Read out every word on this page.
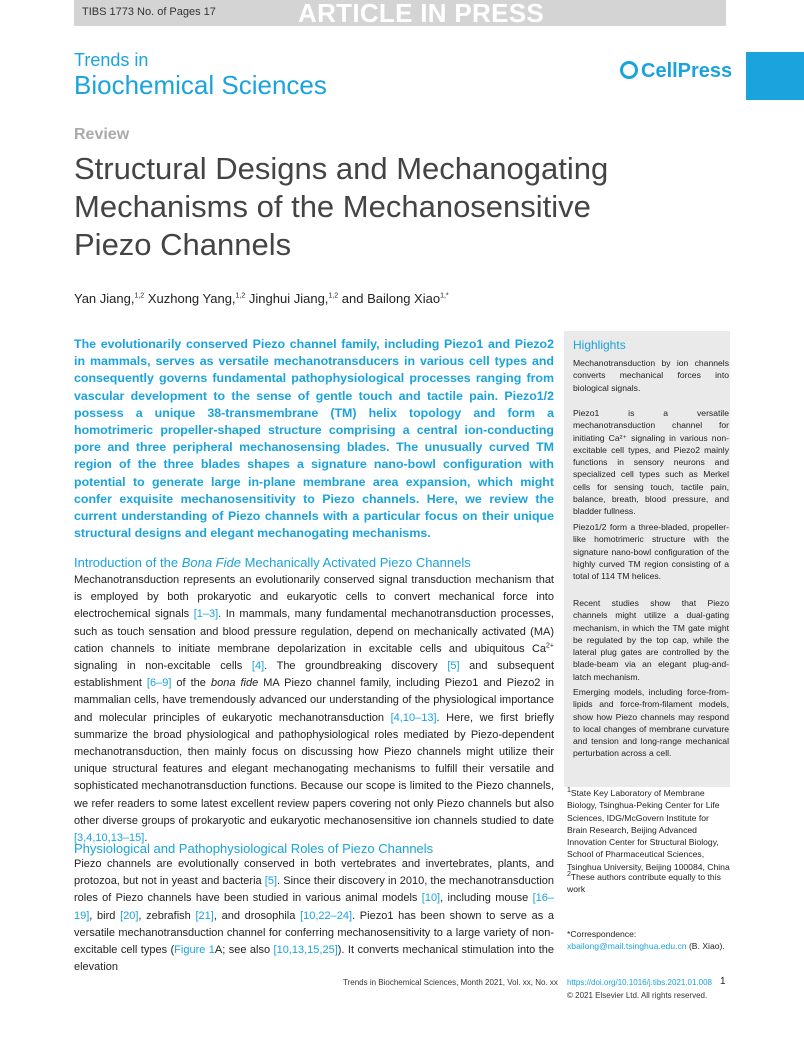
TIBS 1773 No. of Pages 17	ARTICLE IN PRESS
Trends in
Biochemical Sciences	CellPress
Review
Structural Designs and Mechanogating Mechanisms of the Mechanosensitive Piezo Channels
Yan Jiang,$^{1,2}$ Xuzhong Yang,$^{1,2}$ Jinghui Jiang,$^{1,2}$ and Bailong Xiao$^{1,*}$
The evolutionarily conserved Piezo channel family, including Piezo1 and Piezo2 in mammals, serves as versatile mechanotransducers in various cell types and consequently governs fundamental pathophysiological processes ranging from vascular development to the sense of gentle touch and tactile pain. Piezo1/2 possess a unique 38-transmembrane (TM) helix topology and form a homotrimeric propeller-shaped structure comprising a central ion-conducting pore and three peripheral mechanosensing blades. The unusually curved TM region of the three blades shapes a signature nano-bowl configuration with potential to generate large in-plane membrane area expansion, which might confer exquisite mechanosensitivity to Piezo channels. Here, we review the current understanding of Piezo channels with a particular focus on their unique structural designs and elegant mechanogating mechanisms.
Introduction of the Bona Fide Mechanically Activated Piezo Channels
Mechanotransduction represents an evolutionarily conserved signal transduction mechanism that is employed by both prokaryotic and eukaryotic cells to convert mechanical force into electrochemical signals [1–3]. In mammals, many fundamental mechanotransduction processes, such as touch sensation and blood pressure regulation, depend on mechanically activated (MA) cation channels to initiate membrane depolarization in excitable cells and ubiquitous $Ca^{2+}$ signaling in non-excitable cells [4]. The groundbreaking discovery [5] and subsequent establishment [6–9] of the bona fide MA Piezo channel family, including Piezo1 and Piezo2 in mammalian cells, have tremendously advanced our understanding of the physiological importance and molecular principles of eukaryotic mechanotransduction [4,10–13]. Here, we first briefly summarize the broad physiological and pathophysiological roles mediated by Piezo-dependent mechanotransduction, then mainly focus on discussing how Piezo channels might utilize their unique structural features and elegant mechanogating mechanisms to fulfill their versatile and sophisticated mechanotransduction functions. Because our scope is limited to the Piezo channels, we refer readers to some latest excellent review papers covering not only Piezo channels but also other diverse groups of prokaryotic and eukaryotic mechanosensitive ion channels studied to date [3,4,10,13–15].
Physiological and Pathophysiological Roles of Piezo Channels
Piezo channels are evolutionally conserved in both vertebrates and invertebrates, plants, and protozoa, but not in yeast and bacteria [5]. Since their discovery in 2010, the mechanotransduction roles of Piezo channels have been studied in various animal models [10], including mouse [16–19], bird [20], zebrafish [21], and drosophila [10,22–24]. Piezo1 has been shown to serve as a versatile mechanotransduction channel for conferring mechanosensitivity to a large variety of non-excitable cell types (Figure 1A; see also [10,13,15,25]). It converts mechanical stimulation into the elevation
Highlights
Mechanotransduction by ion channels converts mechanical forces into biological signals.
Piezo1 is a versatile mechanotransduction channel for initiating Ca²⁺ signaling in various non-excitable cell types, and Piezo2 mainly functions in sensory neurons and specialized cell types such as Merkel cells for sensing touch, tactile pain, balance, breath, blood pressure, and bladder fullness.
Piezo1/2 form a three-bladed, propeller-like homotrimeric structure with the signature nano-bowl configuration of the highly curved TM region consisting of a total of 114 TM helices.
Recent studies show that Piezo channels might utilize a dual-gating mechanism, in which the TM gate might be regulated by the top cap, while the lateral plug gates are controlled by the blade-beam via an elegant plug-and-latch mechanism.
Emerging models, including force-from-lipids and force-from-filament models, show how Piezo channels may respond to local changes of membrane curvature and tension and long-range mechanical perturbation across a cell.
$^1$State Key Laboratory of Membrane Biology, Tsinghua-Peking Center for Life Sciences, IDG/McGovern Institute for Brain Research, Beijing Advanced Innovation Center for Structural Biology, School of Pharmaceutical Sciences, Tsinghua University, Beijing 100084, China
$^2$These authors contribute equally to this work
*Correspondence:
xbailong@mail.tsinghua.edu.cn (B. Xiao).
Trends in Biochemical Sciences, Month 2021, Vol. xx, No. xx https://doi.org/10.1016/j.tibs.2021.01.008 1
© 2021 Elsevier Ltd. All rights reserved.
